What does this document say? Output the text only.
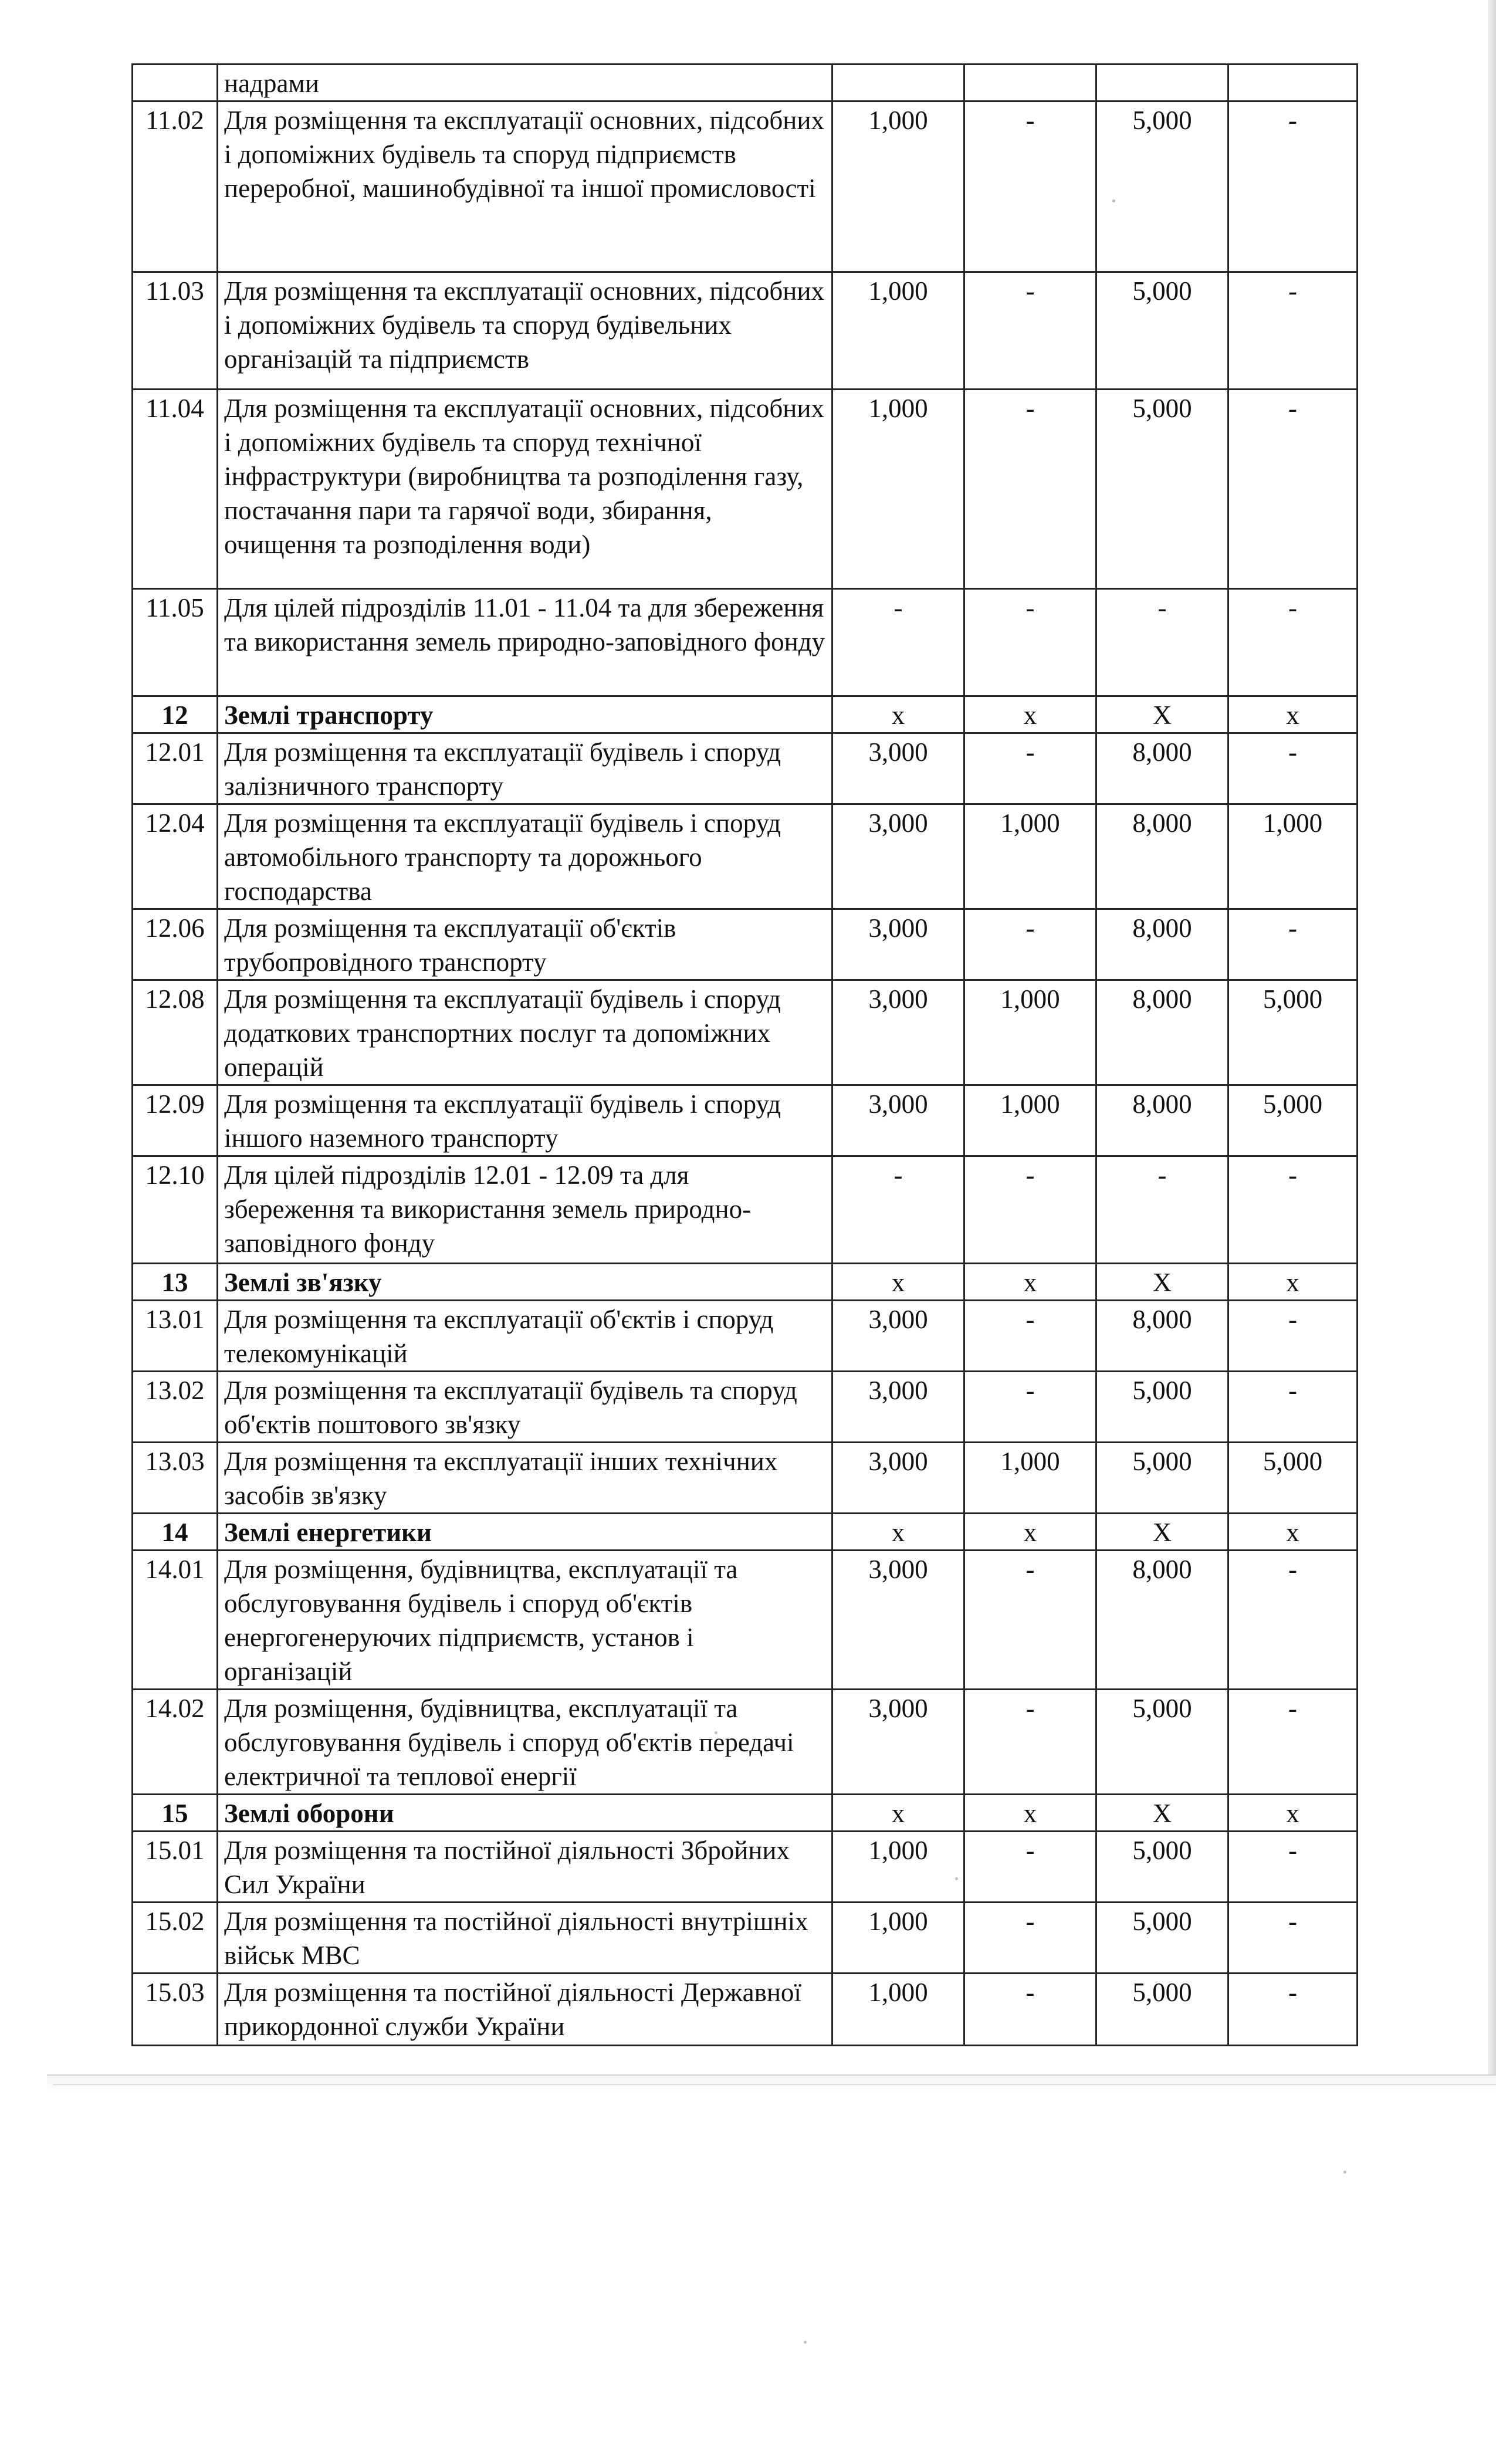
	надрами				
11.02	Для розміщення та експлуатації основних, підсобних і допоміжних будівель та споруд підприємств переробної, машинобудівної та іншої промисловості	1,000	-	5,000	-
11.03	Для розміщення та експлуатації основних, підсобних і допоміжних будівель та споруд будівельних організацій та підприємств	1,000	-	5,000	-
11.04	Для розміщення та експлуатації основних, підсобних і допоміжних будівель та споруд технічної інфраструктури (виробництва та розподілення газу, постачання пари та гарячої води, збирання, очищення та розподілення води)	1,000	-	5,000	-
11.05	Для цілей підрозділів 11.01 - 11.04 та для збереження та використання земель природно-заповідного фонду	-	-	-	-
12	Землі транспорту	х	х	Х	х
12.01	Для розміщення та експлуатації будівель і споруд залізничного транспорту	3,000	-	8,000	-
12.04	Для розміщення та експлуатації будівель і споруд автомобільного транспорту та дорожнього господарства	3,000	1,000	8,000	1,000
12.06	Для розміщення та експлуатації об'єктів трубопровідного транспорту	3,000	-	8,000	-
12.08	Для розміщення та експлуатації будівель і споруд додаткових транспортних послуг та допоміжних операцій	3,000	1,000	8,000	5,000
12.09	Для розміщення та експлуатації будівель і споруд іншого наземного транспорту	3,000	1,000	8,000	5,000
12.10	Для цілей підрозділів 12.01 - 12.09 та для збереження та використання земель природно-заповідного фонду	-	-	-	-
13	Землі зв'язку	х	х	Х	х
13.01	Для розміщення та експлуатації об'єктів і споруд телекомунікацій	3,000	-	8,000	-
13.02	Для розміщення та експлуатації будівель та споруд об'єктів поштового зв'язку	3,000	-	5,000	-
13.03	Для розміщення та експлуатації інших технічних засобів зв'язку	3,000	1,000	5,000	5,000
14	Землі енергетики	х	х	Х	х
14.01	Для розміщення, будівництва, експлуатації та обслуговування будівель і споруд об'єктів енергогенеруючих підприємств, установ і організацій	3,000	-	8,000	-
14.02	Для розміщення, будівництва, експлуатації та обслуговування будівель і споруд об'єктів передачі електричної та теплової енергії	3,000	-	5,000	-
15	Землі оборони	х	х	Х	х
15.01	Для розміщення та постійної діяльності Збройних Сил України	1,000	-	5,000	-
15.02	Для розміщення та постійної діяльності внутрішніх військ МВС	1,000	-	5,000	-
15.03	Для розміщення та постійної діяльності Державної прикордонної служби України	1,000	-	5,000	-
